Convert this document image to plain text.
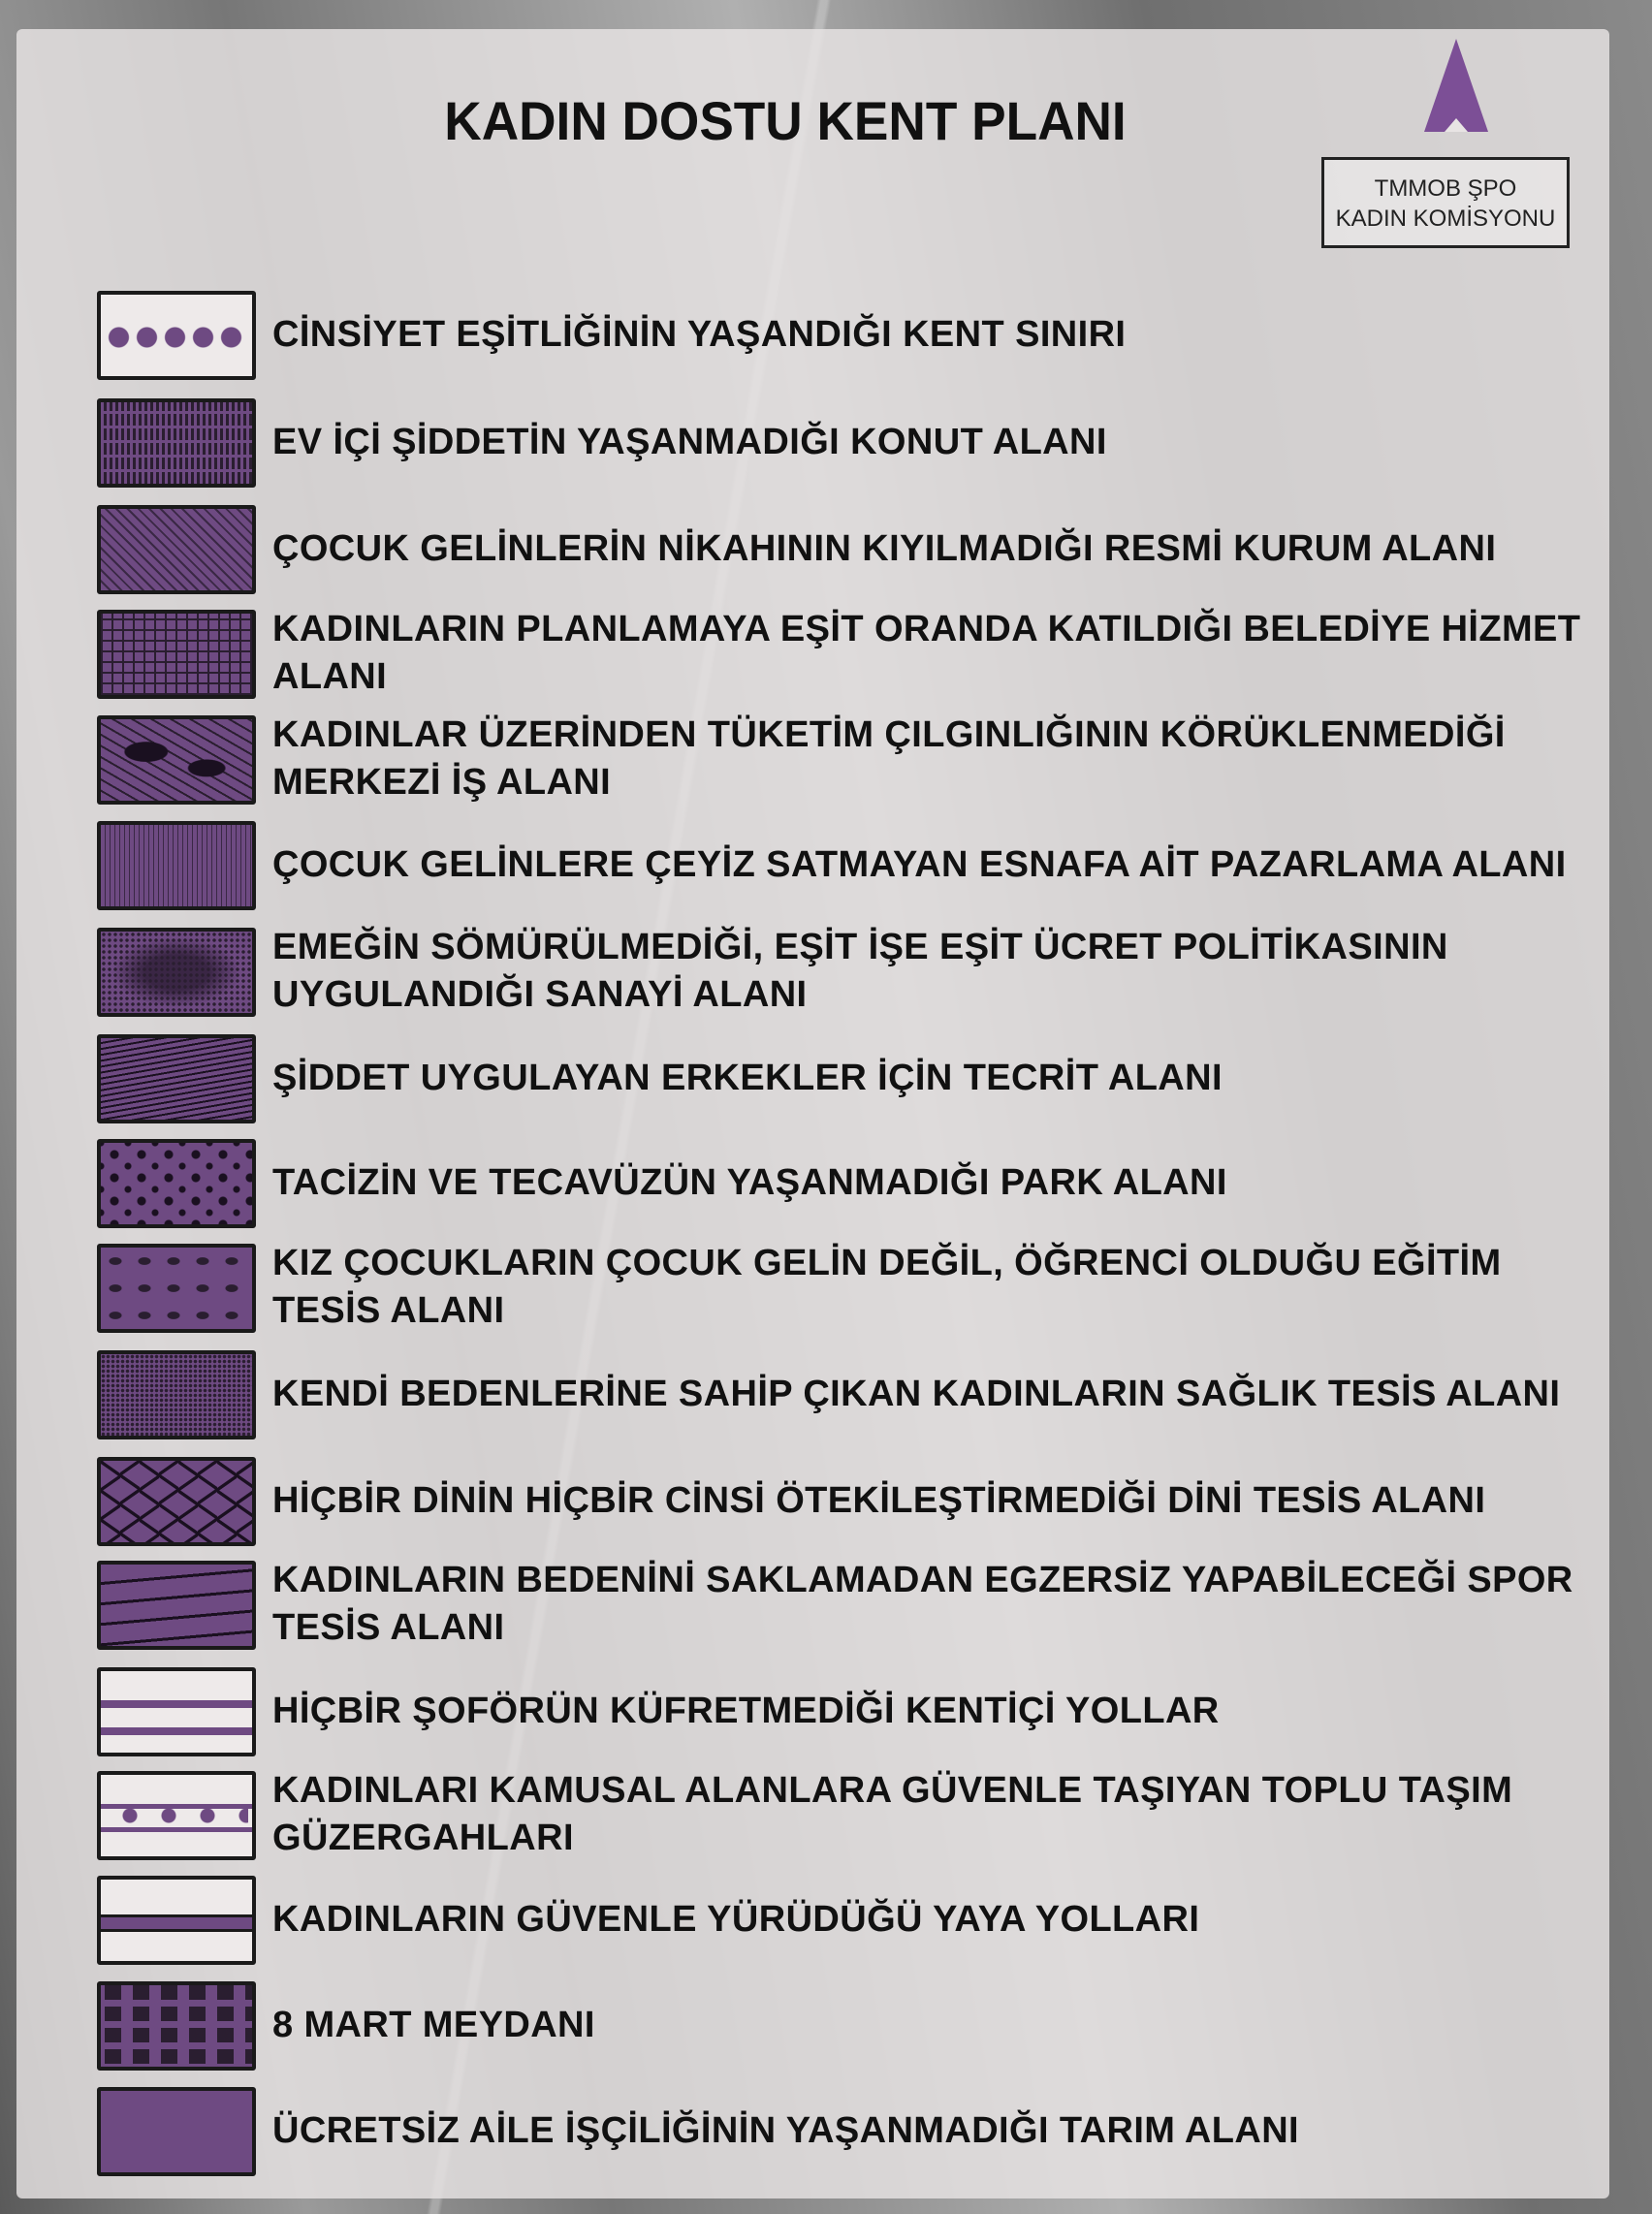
KADIN DOSTU KENT PLANI
TMMOB ŞPO
KADIN KOMİSYONU
CİNSİYET EŞİTLİĞİNİN YAŞANDIĞI KENT SINIRI
EV İÇİ ŞİDDETİN YAŞANMADIĞI KONUT ALANI
ÇOCUK GELİNLERİN NİKAHININ KIYILMADIĞI RESMİ KURUM ALANI
KADINLARIN PLANLAMAYA EŞİT ORANDA KATILDIĞI BELEDİYE HİZMET ALANI
KADINLAR ÜZERİNDEN TÜKETİM ÇILGINLIĞININ KÖRÜKLENMEDİĞİ MERKEZİ İŞ ALANI
ÇOCUK GELİNLERE ÇEYİZ SATMAYAN ESNAFA AİT PAZARLAMA ALANI
EMEĞİN SÖMÜRÜLMEDİĞİ, EŞİT İŞE EŞİT ÜCRET POLİTİKASININ UYGULANDIĞI SANAYİ ALANI
ŞİDDET UYGULAYAN ERKEKLER İÇİN TECRİT ALANI
TACİZİN VE TECAVÜZÜN YAŞANMADIĞI PARK ALANI
KIZ ÇOCUKLARIN ÇOCUK GELİN DEĞİL, ÖĞRENCİ OLDUĞU EĞİTİM TESİS ALANI
KENDİ BEDENLERİNE SAHİP ÇIKAN KADINLARIN SAĞLIK TESİS ALANI
HİÇBİR DİNİN HİÇBİR CİNSİ ÖTEKİLEŞTİRMEDİĞİ DİNİ TESİS ALANI
KADINLARIN BEDENİNİ SAKLAMADAN EGZERSİZ YAPABİLECEĞİ SPOR TESİS ALANI
HİÇBİR ŞOFÖRÜN KÜFRETMEDİĞİ KENTİÇİ YOLLAR
KADINLARI KAMUSAL ALANLARA GÜVENLE TAŞIYAN TOPLU TAŞIM GÜZERGAHLARI
KADINLARIN GÜVENLE YÜRÜDÜĞÜ YAYA YOLLARI
8 MART MEYDANI
ÜCRETSİZ AİLE İŞÇİLİĞİNİN YAŞANMADIĞI TARIM ALANI
